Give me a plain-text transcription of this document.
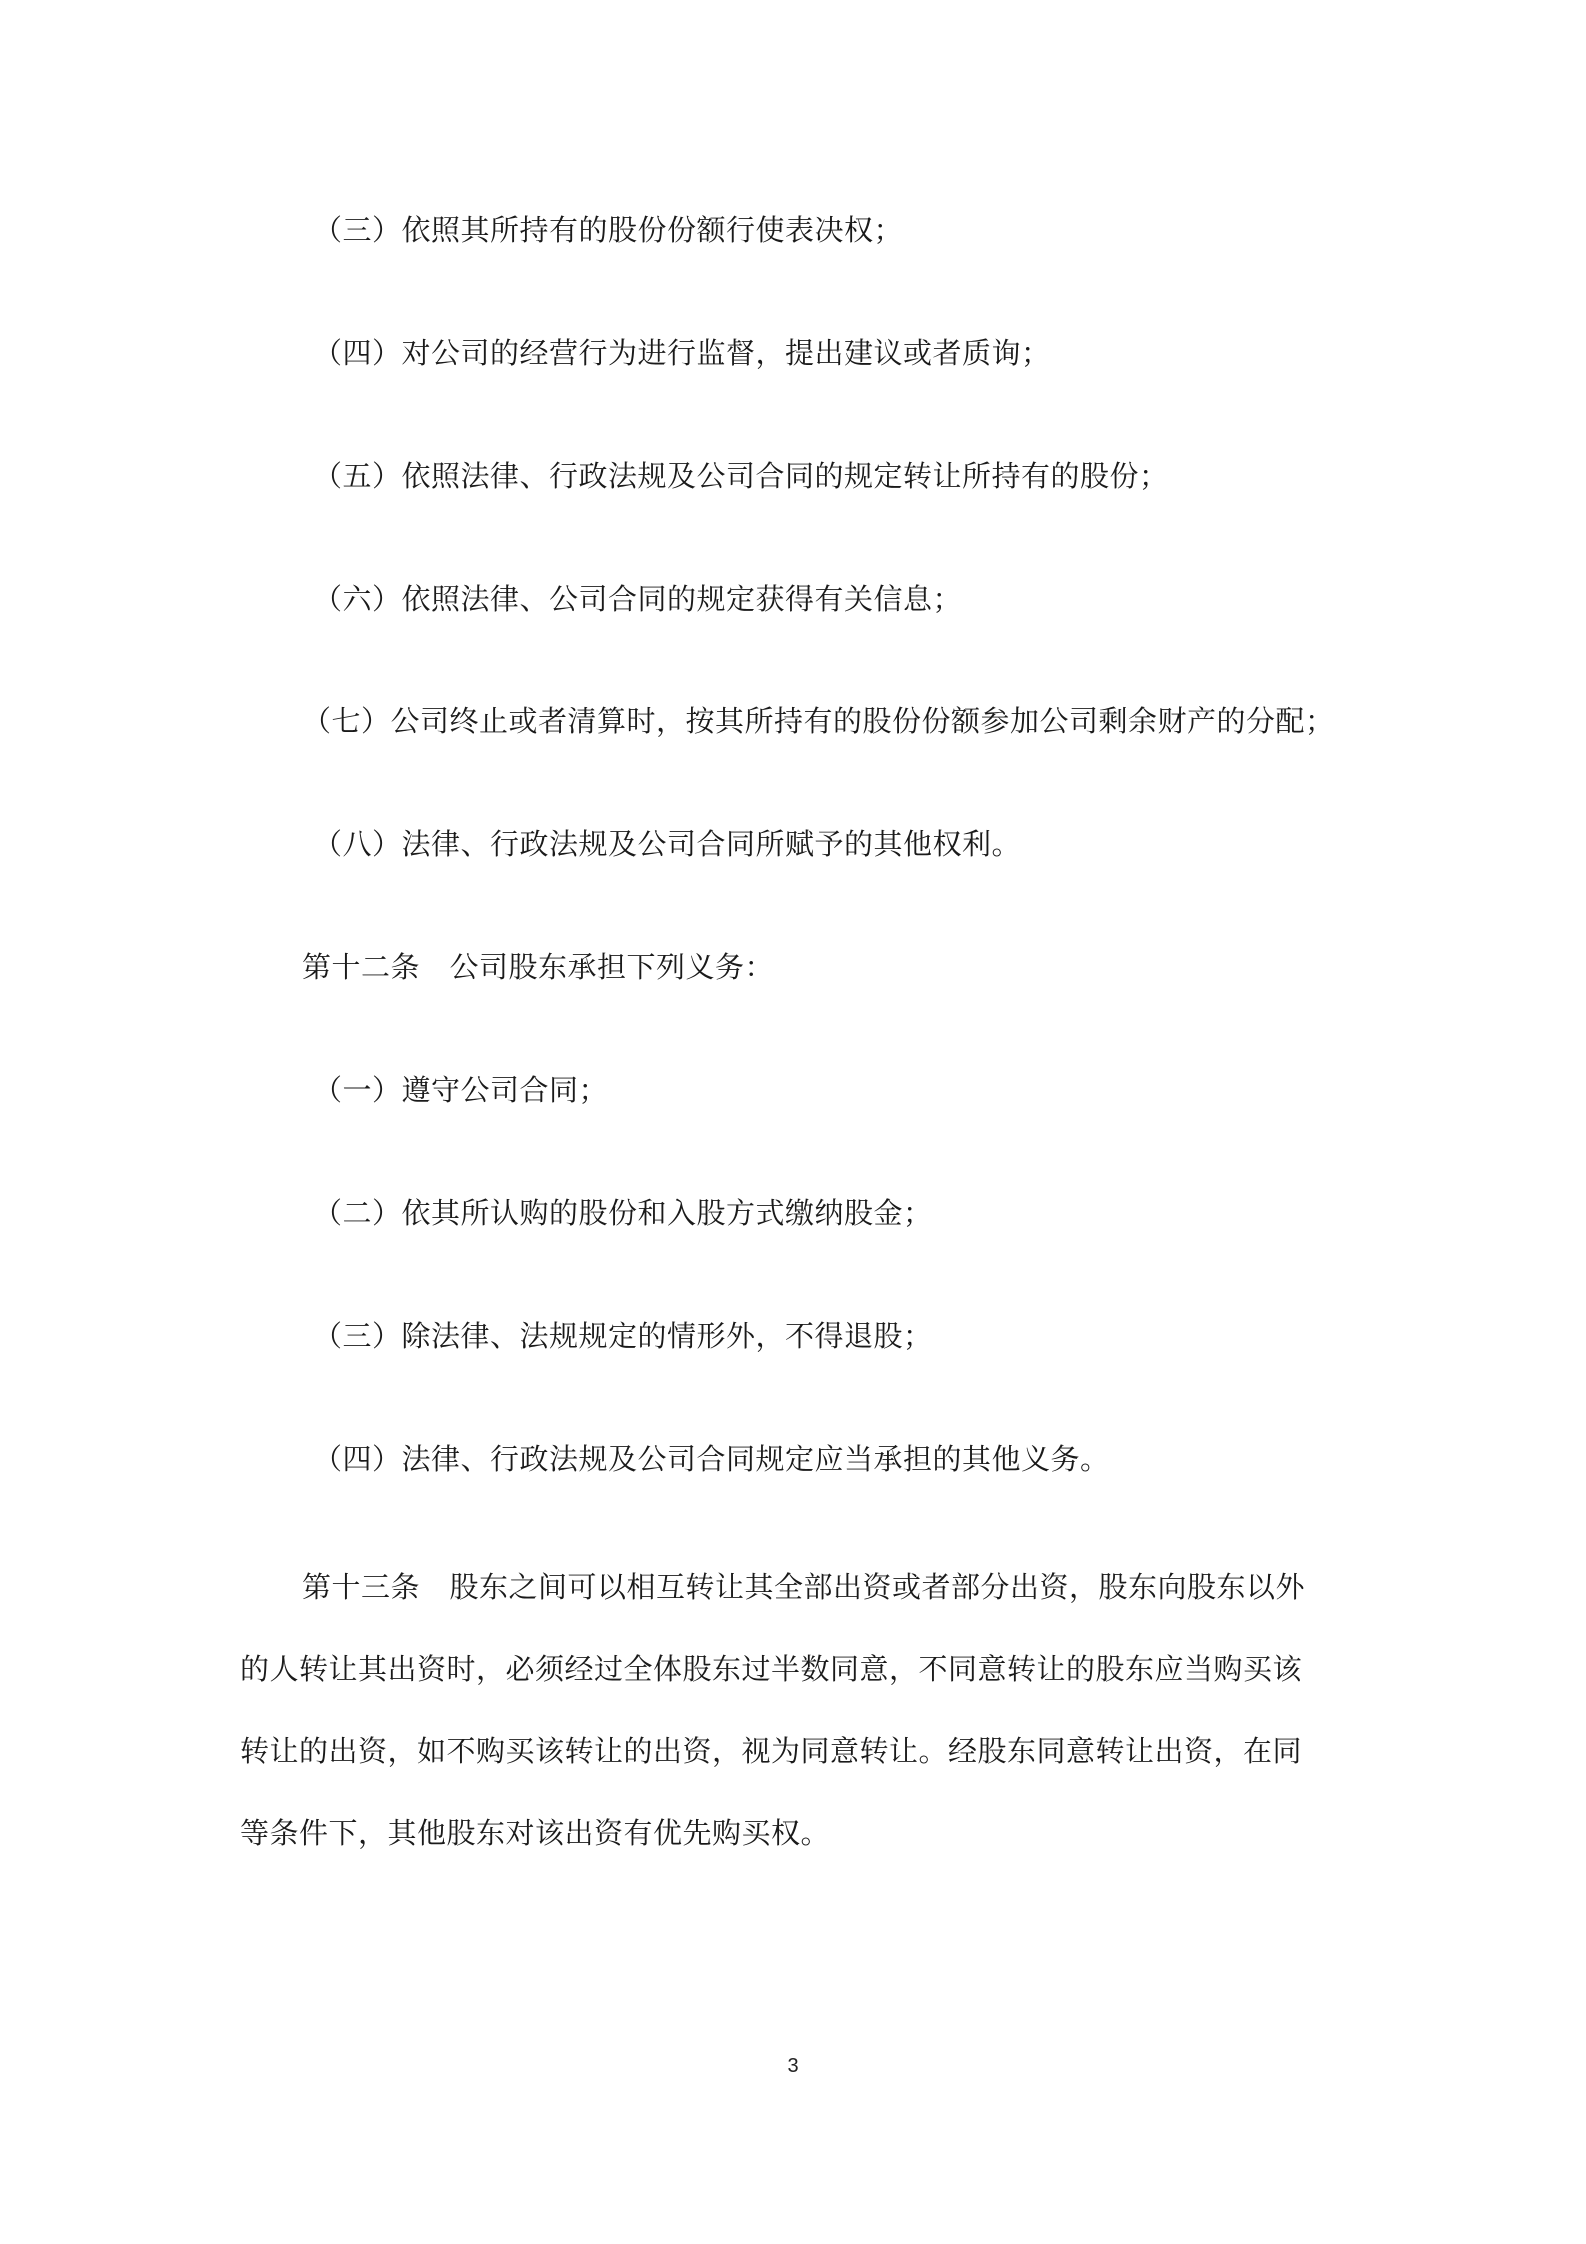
（三）依照其所持有的股份份额行使表决权；
（四）对公司的经营行为进行监督，提出建议或者质询；
（五）依照法律、行政法规及公司合同的规定转让所持有的股份；
（六）依照法律、公司合同的规定获得有关信息；
（七）公司终止或者清算时，按其所持有的股份份额参加公司剩余财产的分配；
（八）法律、行政法规及公司合同所赋予的其他权利。
第十二条　公司股东承担下列义务：
（一）遵守公司合同；
（二）依其所认购的股份和入股方式缴纳股金；
（三）除法律、法规规定的情形外，不得退股；
（四）法律、行政法规及公司合同规定应当承担的其他义务。
第十三条　股东之间可以相互转让其全部出资或者部分出资，股东向股东以外
的人转让其出资时，必须经过全体股东过半数同意，不同意转让的股东应当购买该
转让的出资，如不购买该转让的出资，视为同意转让。经股东同意转让出资，在同
等条件下，其他股东对该出资有优先购买权。
3
